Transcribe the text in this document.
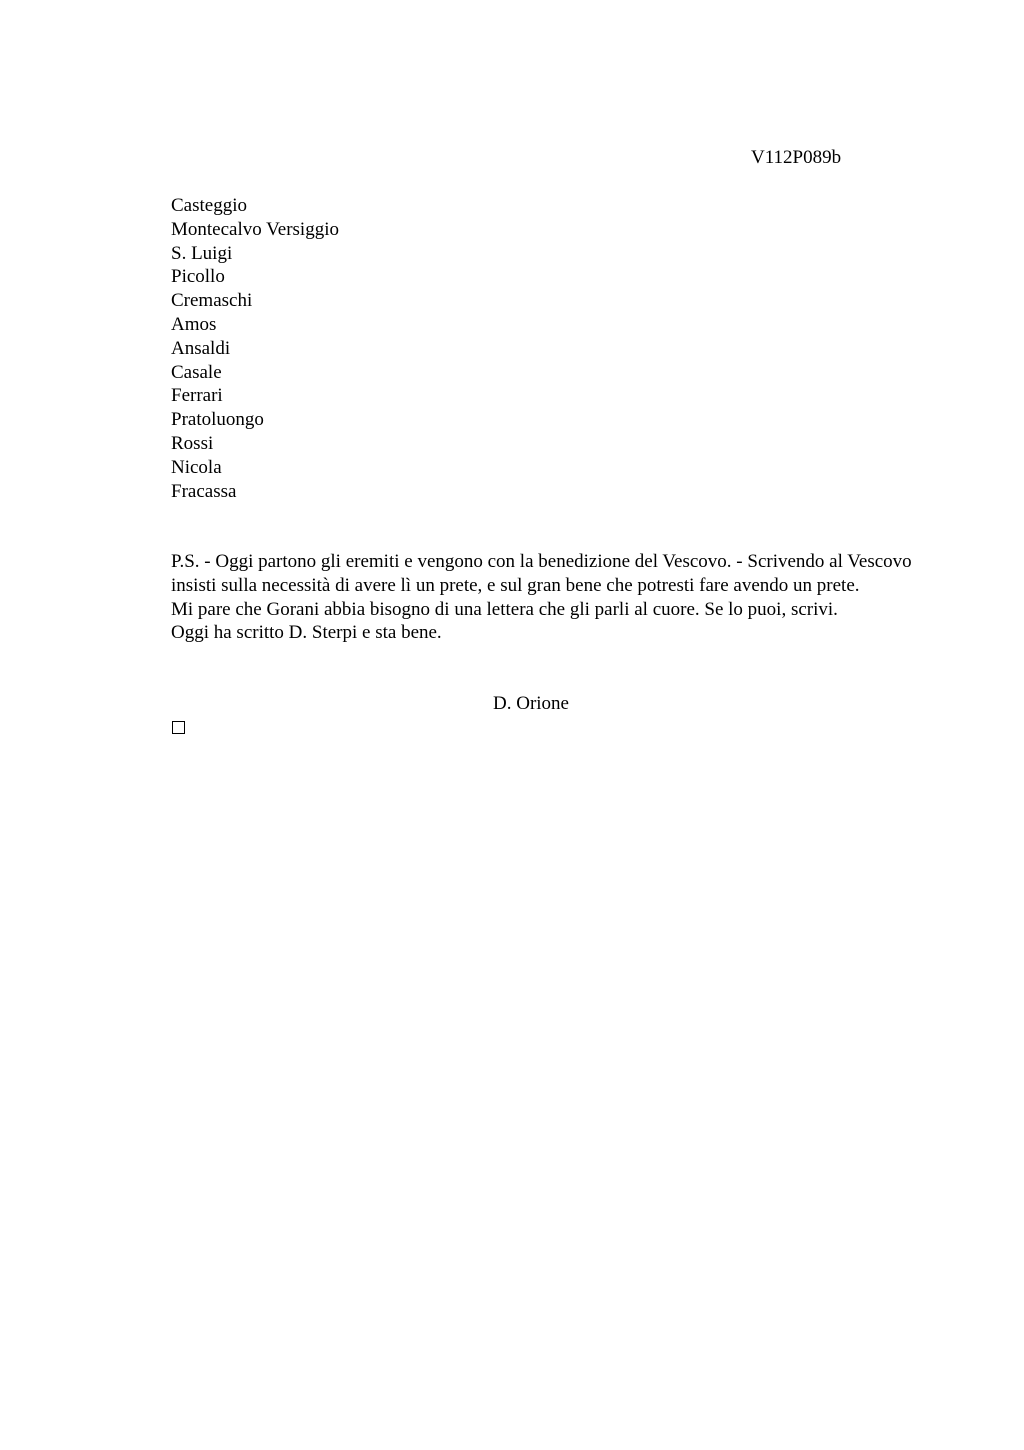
V112P089b
Casteggio
Montecalvo Versiggio
S. Luigi
Picollo
Cremaschi
Amos
Ansaldi
Casale
Ferrari
Pratoluongo
Rossi
Nicola
Fracassa

P.S. - Oggi partono gli eremiti e vengono con la benedizione del Vescovo. - Scrivendo al Vescovo insisti sulla necessità di avere lì un prete, e sul gran bene che potresti fare avendo un prete.

Mi pare che Gorani abbia bisogno di una lettera che gli parli al cuore. Se lo puoi, scrivi.

Oggi ha scritto D. Sterpi e sta bene.

D. Orione
